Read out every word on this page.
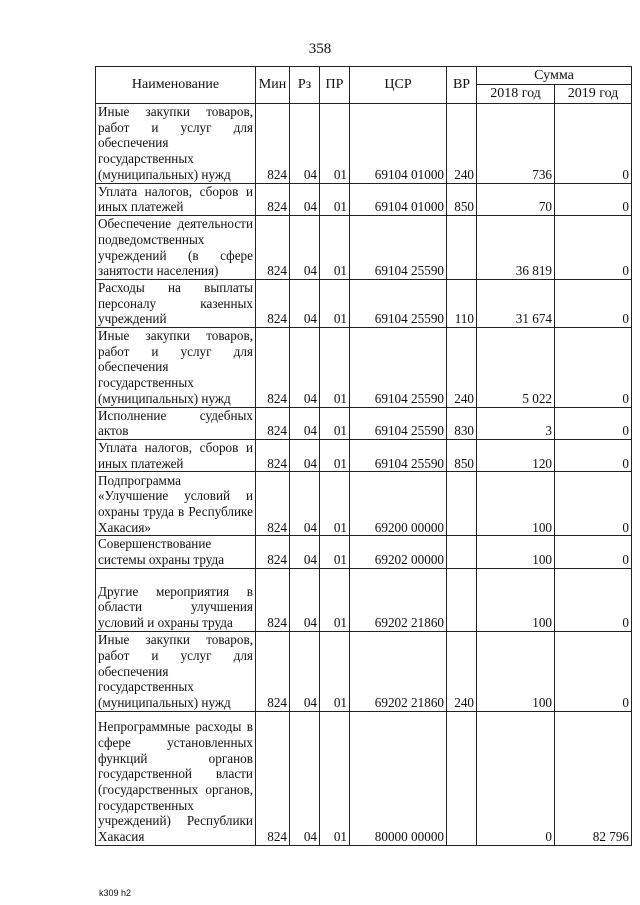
358
Наименование	Мин	Рз	ПР	ЦСР	ВР	Сумма	
						2018 год	2019 год
Иные закупки товаров, работ и услуг для обеспечения государственных (муниципальных) нужд	824	04	01	69104 01000	240	736	0
Уплата налогов, сборов и иных платежей	824	04	01	69104 01000	850	70	0
Обеспечение деятельности подведомственных учреждений (в сфере занятости населения)	824	04	01	69104 25590		36 819	0
Расходы на выплаты персоналу казенных учреждений	824	04	01	69104 25590	110	31 674	0
Иные закупки товаров, работ и услуг для обеспечения государственных (муниципальных) нужд	824	04	01	69104 25590	240	5 022	0
Исполнение судебных актов	824	04	01	69104 25590	830	3	0
Уплата налогов, сборов и иных платежей	824	04	01	69104 25590	850	120	0
Подпрограмма «Улучшение условий и охраны труда в Республике Хакасия»	824	04	01	69200 00000		100	0
Совершенствование системы охраны труда	824	04	01	69202 00000		100	0
Другие мероприятия в области улучшения условий и охраны труда	824	04	01	69202 21860		100	0
Иные закупки товаров, работ и услуг для обеспечения государственных (муниципальных) нужд	824	04	01	69202 21860	240	100	0
Непрограммные расходы в сфере установленных функций органов государственной власти (государственных органов, государственных учреждений) Республики Хакасия	824	04	01	80000 00000		0	82 796
k309 h2
